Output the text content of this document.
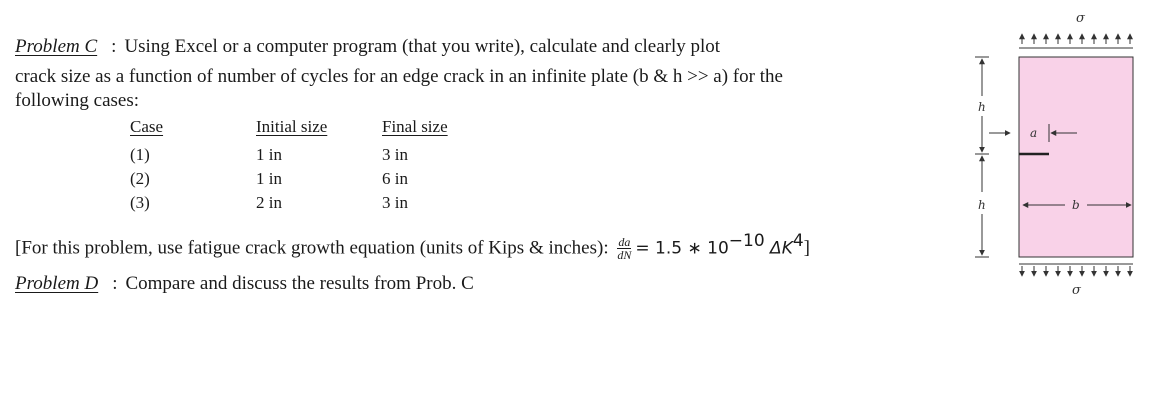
Problem C : Using Excel or a computer program (that you write), calculate and clearly plot
crack size as a function of number of cycles for an edge crack in an infinite plate (b & h >> a) for the
following cases:
Case	Initial size	Final size
(1)	1 in	3 in
(2)	1 in	6 in
(3)	2 in	3 in
[For this problem, use fatigue crack growth equation (units of Kips & inches): $\frac{da}{dN} = 1.5$ ∗ $10^{-10}$ $\Delta K^4$]
Problem D : Compare and discuss the results from Prob. C
σ
h
h
a
b
σ
